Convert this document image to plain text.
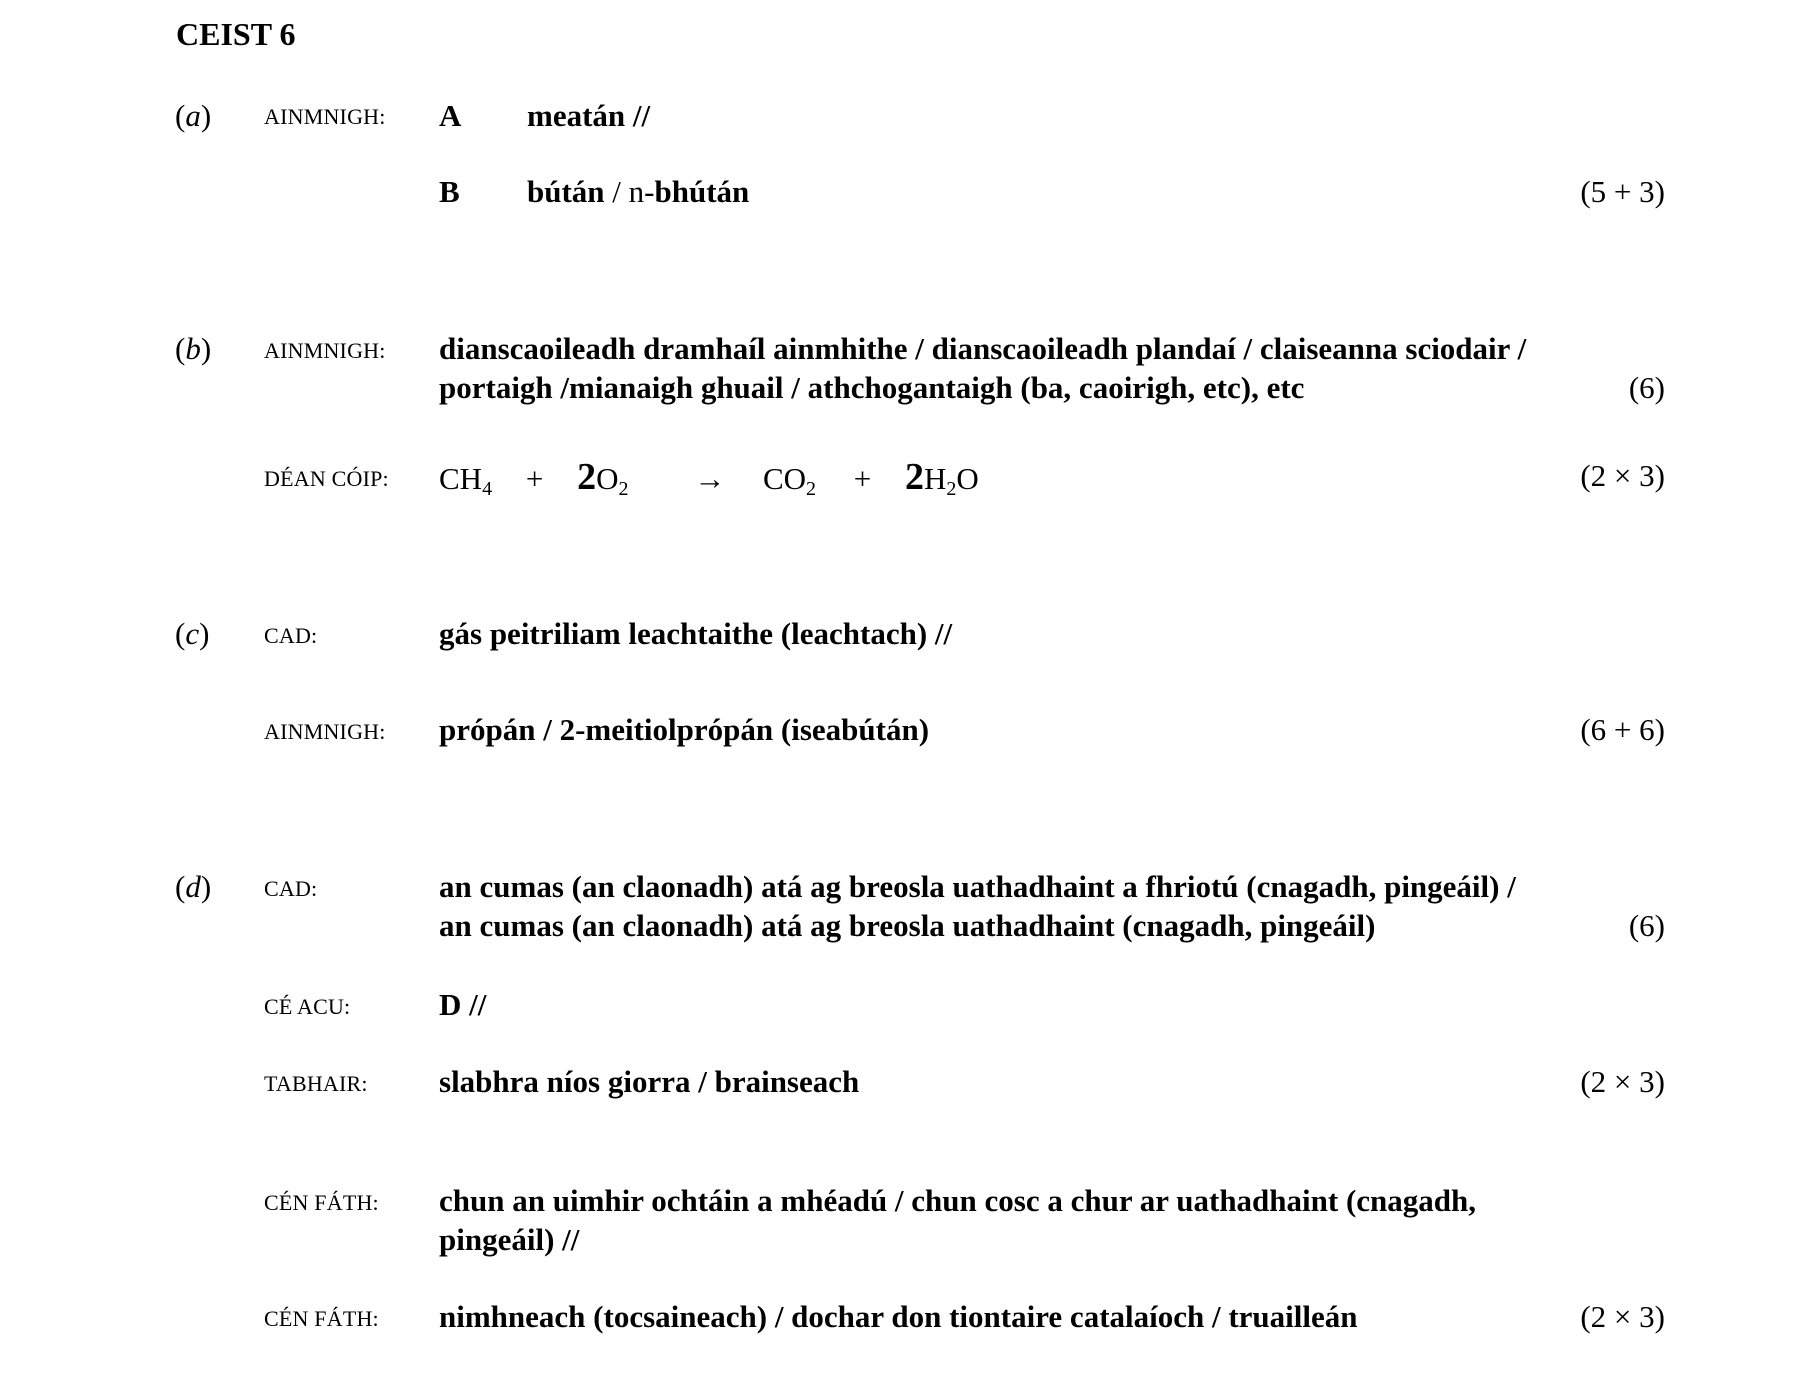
CEIST 6
(a) AINMNIGH: A meatán //
B bútán / n-bhútán	(5 + 3)
(b) AINMNIGH: dianscaoileadh dramhaíl ainmhithe / dianscaoileadh plandaí / claiseanna sciodair /
portaigh /mianaigh ghuail / athchogantaigh (ba, caoirigh, etc), etc	(6)
DÉAN CÓIP: $CH_4 + 2O_2 \to CO_2 + 2H_2O$	(2 × 3)
(c) CAD:	gás peitriliam leachtaithe (leachtach) //
AINMNIGH: própán / 2-meitiolprópán (iseabútán)	(6 + 6)
(d) CAD:	an cumas (an claonadh) atá ag breosla uathadhaint a fhriotú (cnagadh, pingeáil) /
an cumas (an claonadh) atá ag breosla uathadhaint (cnagadh, pingeáil)	(6)
CÉ ACU:	D //
TABHAIR: slabhra níos giorra / brainseach	(2 × 3)
CÉN FÁTH: chun an uimhir ochtáin a mhéadú / chun cosc a chur ar uathadhaint (cnagadh,
pingeáil) //
CÉN FÁTH: nimhneach (tocsaineach) / dochar don tiontaire catalaíoch / truailleán	(2 × 3)
